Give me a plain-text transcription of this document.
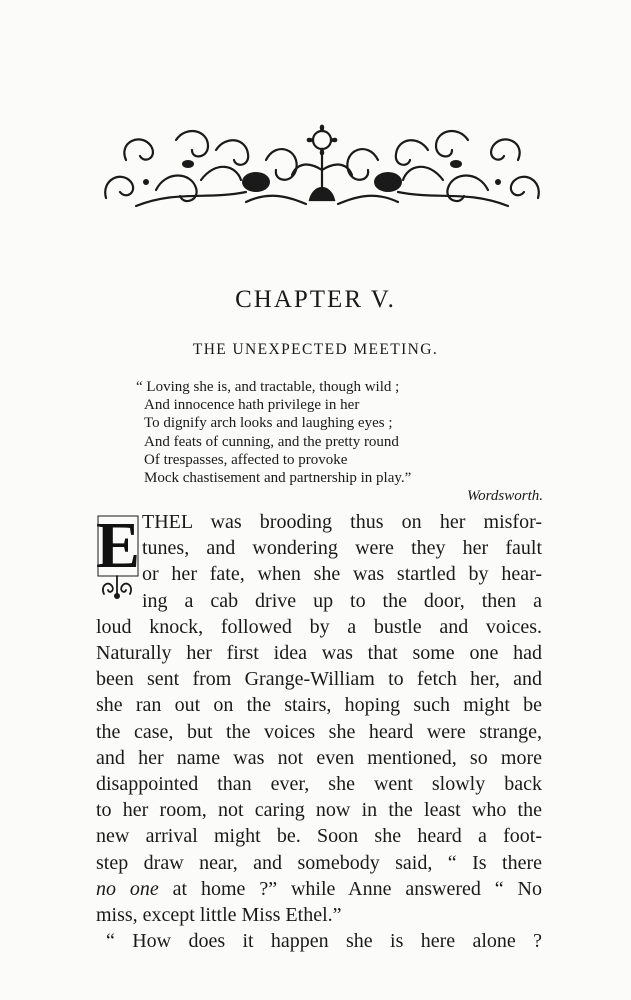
CHAPTER V.
THE UNEXPECTED MEETING.
“ Loving she is, and tractable, though wild ;
And innocence hath privilege in her
To dignify arch looks and laughing eyes ;
And feats of cunning, and the pretty round
Of trespasses, affected to provoke
Mock chastisement and partnership in play.”
Wordsworth.
E THEL was brooding thus on her misfor-
tunes, and wondering were they her fault
or her fate, when she was startled by hear-
ing a cab drive up to the door, then a
loud knock, followed by a bustle and voices.
Naturally her first idea was that some one had
been sent from Grange-William to fetch her, and
she ran out on the stairs, hoping such might be
the case, but the voices she heard were strange,
and her name was not even mentioned, so more
disappointed than ever, she went slowly back
to her room, not caring now in the least who the
new arrival might be. Soon she heard a foot-
step draw near, and somebody said, “ Is there
no one at home ?” while Anne answered “ No
miss, except little Miss Ethel.”
“ How does it happen she is here alone ?
